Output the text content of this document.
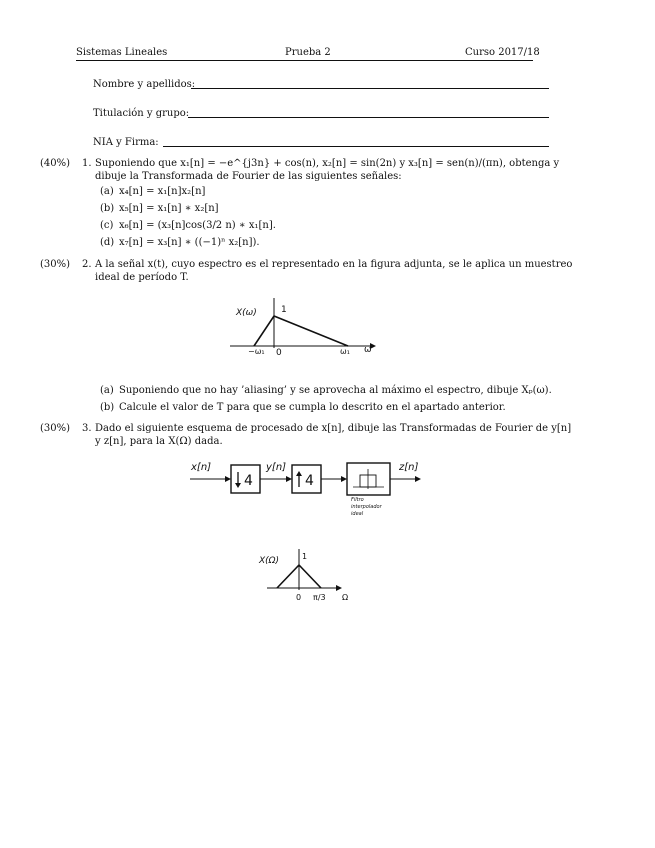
Sistemas Lineales	Prueba 2	Curso 2017/18
Nombre y apellidos:
Titulación y grupo:
NIA y Firma:
(40%) 1. Suponiendo que x₁[n] = −e^{j3n} + cos(n), x₂[n] = sin(2n) y x₃[n] = sen(n)/(πn), obtenga y
dibuje la Transformada de Fourier de las siguientes señales:
(a) x₄[n] = x₁[n]x₂[n]
(b) x₅[n] = x₁[n] ∗ x₂[n]
(c) x₆[n] = (x₃[n]cos(3/2 n) ∗ x₁[n].
(d) x₇[n] = x₃[n] ∗ ((−1)ⁿ x₂[n]).
(30%) 2. A la señal x(t), cuyo espectro es el representado en la figura adjunta, se le aplica un muestreo
ideal de período T.
X(ω)	1
−ω₁ 0	ω₁ ω
(a) Suponiendo que no hay ’aliasing’ y se aprovecha al máximo el espectro, dibuje Xₚ(ω).
(b) Calcule el valor de T para que se cumpla lo descrito en el apartado anterior.
(30%) 3. Dado el siguiente esquema de procesado de x[n], dibuje las Transformadas de Fourier de y[n]
y z[n], para la X(Ω) dada.
x[n]
4
y[n]
4
z[n]
Filtro
interpolador
ideal
X(Ω)	1
0 π/3 Ω
